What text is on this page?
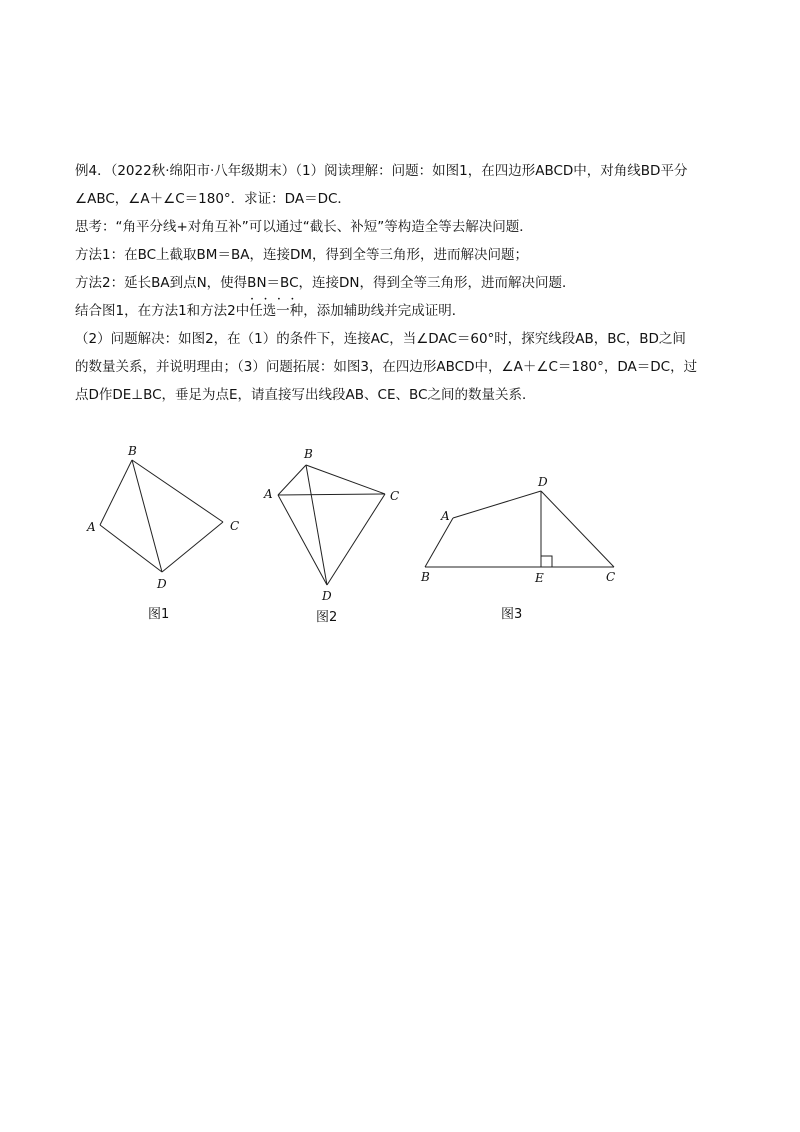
例4．（2022秋·绵阳市·八年级期末）（1）阅读理解：问题：如图1，在四边形ABCD中，对角线BD平分
∠ABC，∠A＋∠C＝180°．求证：DA＝DC．
思考：“角平分线+对角互补”可以通过“截长、补短”等构造全等去解决问题．
方法1：在BC上截取BM＝BA，连接DM，得到全等三角形，进而解决问题；
方法2：延长BA到点N，使得BN＝BC，连接DN，得到全等三角形，进而解决问题．
结合图1，在方法1和方法2中• • • • 任选一种，添加辅助线并完成证明．
（2）问题解决：如图2，在（1）的条件下，连接AC，当∠DAC＝60°时，探究线段AB，BC，BD之间
的数量关系，并说明理由；（3）问题拓展：如图3，在四边形ABCD中，∠A＋∠C＝180°，DA＝DC，过
点D作DE⊥BC，垂足为点E，请直接写出线段AB、CE、BC之间的数量关系．
B
A	C
D
图1
B
A	C
D
图2
D
A
B	E	C
图3
